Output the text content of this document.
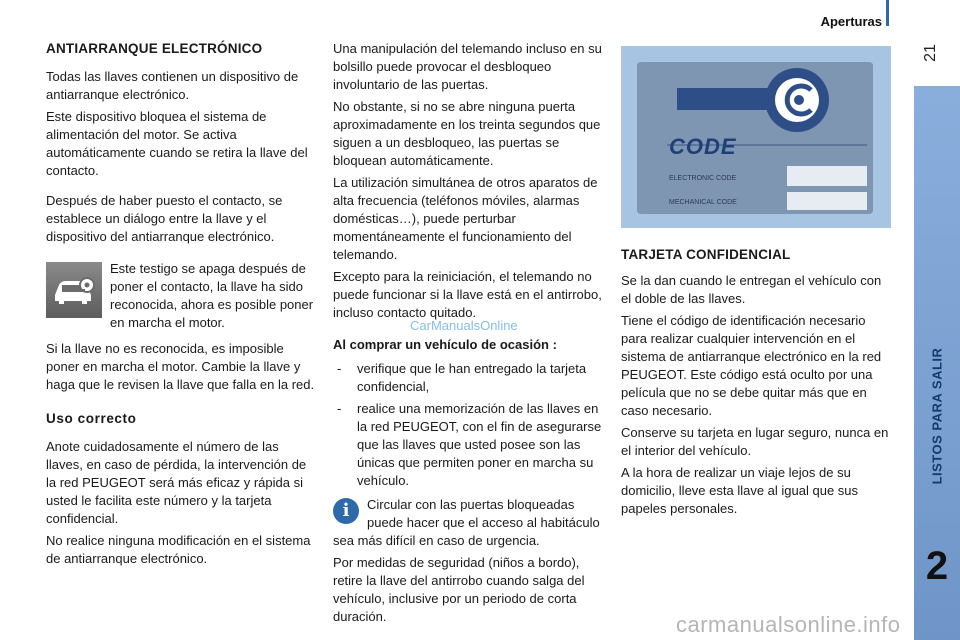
Aperturas
21
LISTOS PARA SALIR
2
ANTIARRANQUE ELECTRÓNICO

Todas las llaves contienen un dispositivo de antiarranque electrónico.

Este dispositivo bloquea el sistema de alimentación del motor. Se activa automáticamente cuando se retira la llave del contacto.

Después de haber puesto el contacto, se establece un diálogo entre la llave y el dispositivo del antiarranque electrónico.

Este testigo se apaga después de poner el contacto, la llave ha sido reconocida, ahora es posible poner en marcha el motor.

Si la llave no es reconocida, es imposible poner en marcha el motor. Cambie la llave y haga que le revisen la llave que falla en la red.

Uso correcto

Anote cuidadosamente el número de las llaves, en caso de pérdida, la intervención de la red PEUGEOT será más eficaz y rápida si usted le facilita este número y la tarjeta confidencial.

No realice ninguna modificación en el sistema de antiarranque electrónico.

Una manipulación del telemando incluso en su bolsillo puede provocar el desbloqueo involuntario de las puertas.

No obstante, si no se abre ninguna puerta aproximadamente en los treinta segundos que siguen a un desbloqueo, las puertas se bloquean automáticamente.

La utilización simultánea de otros aparatos de alta frecuencia (teléfonos móviles, alarmas domésticas…), puede perturbar momentáneamente el funcionamiento del telemando.

Excepto para la reiniciación, el telemando no puede funcionar si la llave está en el antirrobo, incluso contacto quitado.

Al comprar un vehículo de ocasión :

- verifique que le han entregado la tarjeta confidencial,
- realice una memorización de las llaves en la red PEUGEOT, con el fin de asegurarse que las llaves que usted posee son las únicas que permiten poner en marcha su vehículo.
i	Circular con las puertas bloqueadas puede hacer que el acceso al habitáculo sea más difícil en caso de urgencia.

Por medidas de seguridad (niños a bordo), retire la llave del antirrobo cuando salga del vehículo, inclusive por un periodo de corta duración.

CODE
ELECTRONIC CODE
MECHANICAL CODE
TARJETA CONFIDENCIAL

Se la dan cuando le entregan el vehículo con el doble de las llaves.

Tiene el código de identificación necesario para realizar cualquier intervención en el sistema de antiarranque electrónico en la red PEUGEOT. Este código está oculto por una película que no se debe quitar más que en caso necesario.

Conserve su tarjeta en lugar seguro, nunca en el interior del vehículo.

A la hora de realizar un viaje lejos de su domicilio, lleve esta llave al igual que sus papeles personales.

CarManualsOnline
carmanualsonline.info
